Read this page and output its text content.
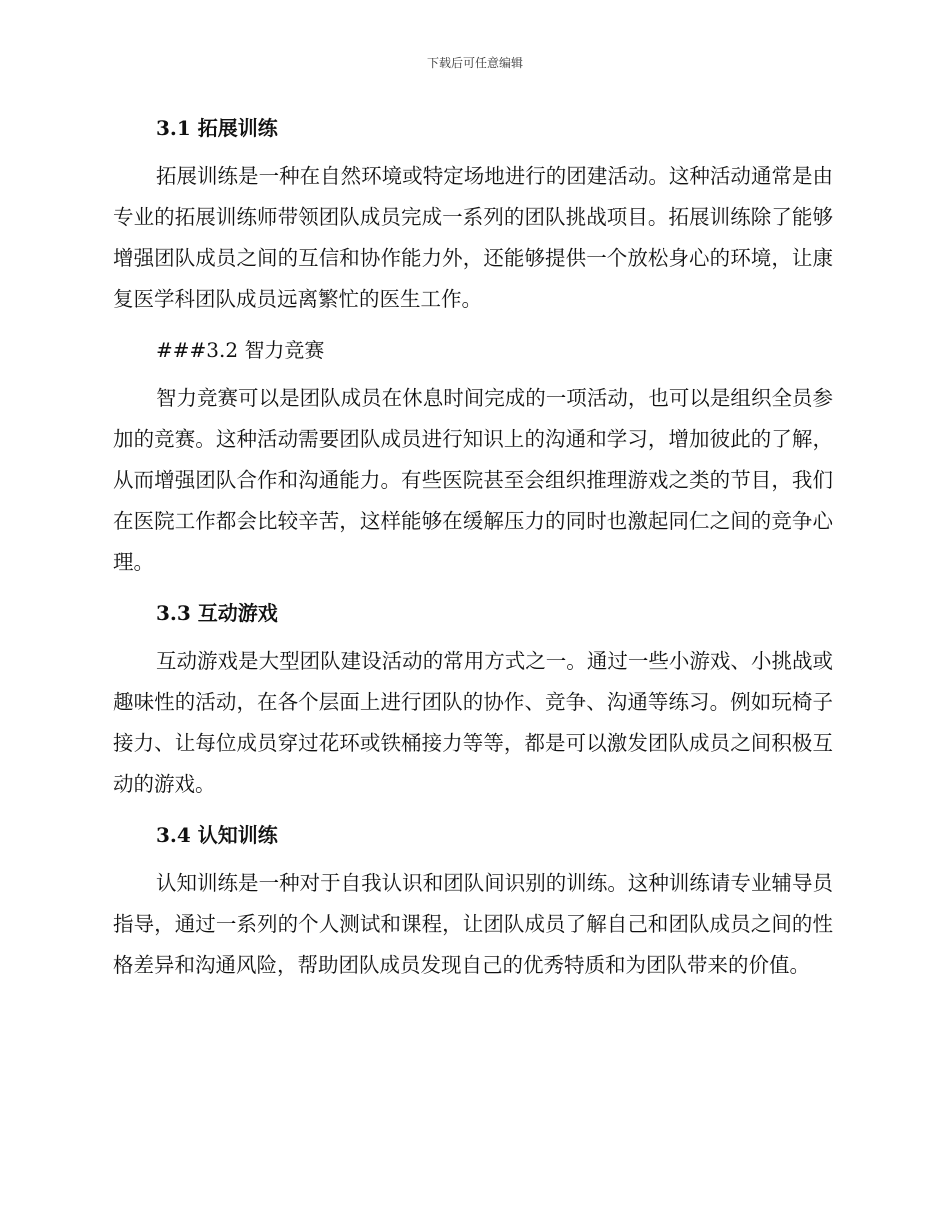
下载后可任意编辑
3.1 拓展训练

拓展训练是一种在自然环境或特定场地进行的团建活动。这种活动通常是由专业的拓展训练师带领团队成员完成一系列的团队挑战项目。拓展训练除了能够增强团队成员之间的互信和协作能力外，还能够提供一个放松身心的环境，让康复医学科团队成员远离繁忙的医生工作。

###3.2 智力竞赛

智力竞赛可以是团队成员在休息时间完成的一项活动，也可以是组织全员参加的竞赛。这种活动需要团队成员进行知识上的沟通和学习，增加彼此的了解，从而增强团队合作和沟通能力。有些医院甚至会组织推理游戏之类的节目，我们在医院工作都会比较辛苦，这样能够在缓解压力的同时也激起同仁之间的竞争心理。

3.3 互动游戏

互动游戏是大型团队建设活动的常用方式之一。通过一些小游戏、小挑战或趣味性的活动，在各个层面上进行团队的协作、竞争、沟通等练习。例如玩椅子接力、让每位成员穿过花环或铁桶接力等等，都是可以激发团队成员之间积极互动的游戏。

3.4 认知训练

认知训练是一种对于自我认识和团队间识别的训练。这种训练请专业辅导员指导，通过一系列的个人测试和课程，让团队成员了解自己和团队成员之间的性格差异和沟通风险，帮助团队成员发现自己的优秀特质和为团队带来的价值。
